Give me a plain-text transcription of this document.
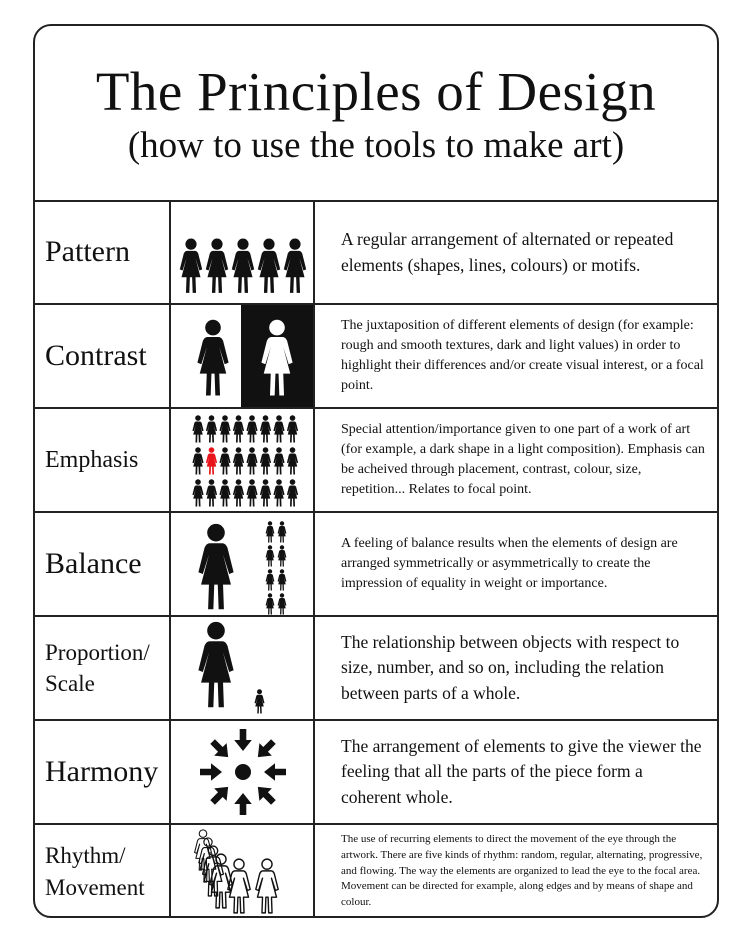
The Principles of Design
(how to use the tools to make art)
Pattern	A regular arrangement of alternated or repeated elements (shapes, lines, colours) or motifs.
Contrast
The juxtaposition of different elements of design (for example: rough and smooth textures, dark and light values) in order to highlight their differences and/or create visual interest, or a focal point.
Emphasis
Special attention/importance given to one part of a work of art (for example, a dark shape in a light composition). Emphasis can be acheived through placement, contrast, colour, size, repetition... Relates to focal point.
Balance
A feeling of balance results when the elements of design are arranged symmetrically or asymmetrically to create the impression of equality in weight or importance.
Proportion/ Scale
The relationship between objects with respect to size, number, and so on, including the relation between parts of a whole.
Harmony
The arrangement of elements to give the viewer the feeling that all the parts of the piece form a coherent whole.
Rhythm/ Movement
The use of recurring elements to direct the movement of the eye through the artwork. There are five kinds of rhythm: random, regular, alternating, progressive, and flowing. The way the elements are organized to lead the eye to the focal area. Movement can be directed for example, along edges and by means of shape and colour.
